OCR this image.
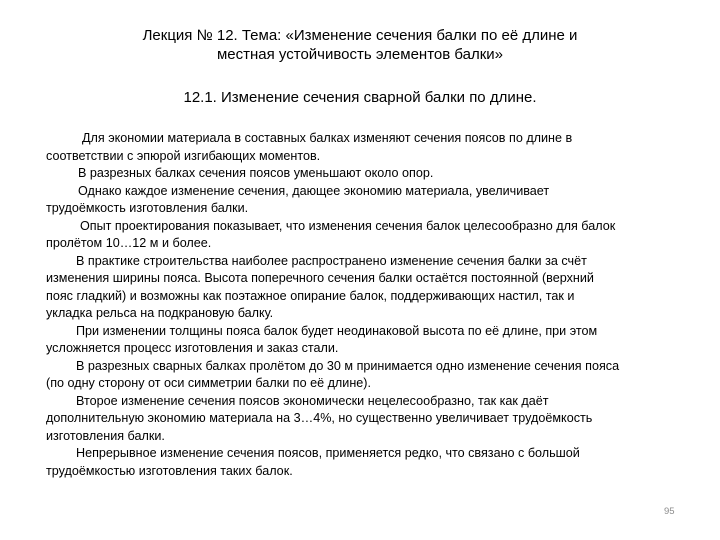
Лекция № 12. Тема: «Изменение сечения балки по её длине и
местная устойчивость элементов балки»
12.1. Изменение сечения сварной балки по длине.
Для экономии материала в составных балках изменяют сечения поясов по длине в
соответствии с эпюрой изгибающих моментов.
В разрезных балках сечения поясов уменьшают около опор.
Однако каждое изменение сечения, дающее экономию материала, увеличивает
трудоёмкость изготовления балки.
Опыт проектирования показывает, что изменения сечения балок целесообразно для балок
пролётом 10…12 м и более.
В практике строительства наиболее распространено изменение сечения балки за счёт
изменения ширины пояса. Высота поперечного сечения балки остаётся постоянной (верхний
пояс гладкий) и возможны как поэтажное опирание балок, поддерживающих настил, так и
укладка рельса на подкрановую балку.
При изменении толщины пояса балок будет неодинаковой высота по её длине, при этом
усложняется процесс изготовления и заказ стали.
В разрезных сварных балках пролётом до 30 м принимается одно изменение сечения пояса
(по одну сторону от оси симметрии балки по её длине).
Второе изменение сечения поясов экономически нецелесообразно, так как даёт
дополнительную экономию материала на 3…4%, но существенно увеличивает трудоёмкость
изготовления балки.
Непрерывное изменение сечения поясов, применяется редко, что связано с большой
трудоёмкостью изготовления таких балок.
95
